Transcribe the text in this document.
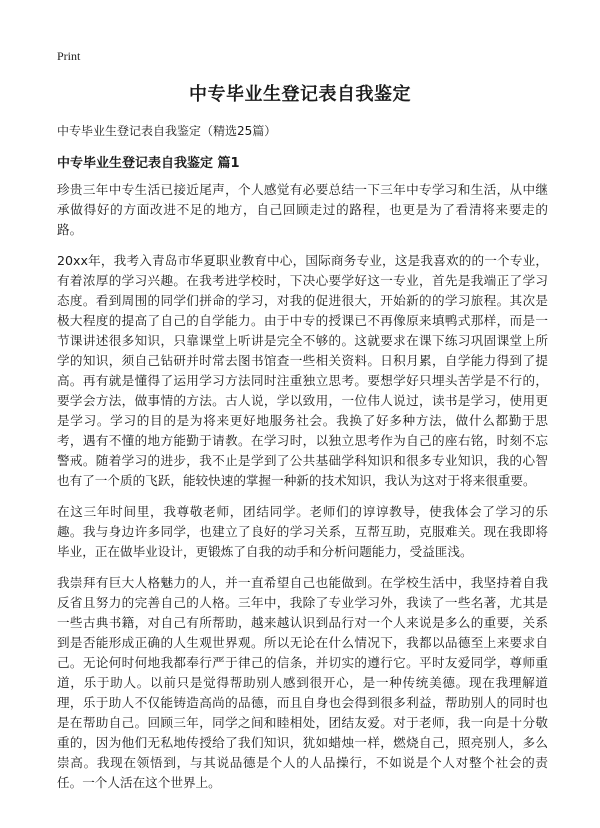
Print
中专毕业生登记表自我鉴定
中专毕业生登记表自我鉴定（精选25篇）
中专毕业生登记表自我鉴定 篇1

珍贵三年中专生活已接近尾声，个人感觉有必要总结一下三年中专学习和生活，从中继承做得好的方面改进不足的地方，自己回顾走过的路程，也更是为了看清将来要走的路。

20xx年，我考入青岛市华夏职业教育中心，国际商务专业，这是我喜欢的的一个专业，有着浓厚的学习兴趣。在我考进学校时，下决心要学好这一专业，首先是我端正了学习态度。看到周围的同学们拼命的学习，对我的促进很大，开始新的的学习旅程。其次是极大程度的提高了自己的自学能力。由于中专的授课已不再像原来填鸭式那样，而是一节课讲述很多知识，只靠课堂上听讲是完全不够的。这就要求在课下练习巩固课堂上所学的知识，须自己钻研并时常去图书馆查一些相关资料。日积月累，自学能力得到了提高。再有就是懂得了运用学习方法同时注重独立思考。要想学好只埋头苦学是不行的，要学会方法，做事情的方法。古人说，学以致用，一位伟人说过，读书是学习，使用更是学习。学习的目的是为将来更好地服务社会。我换了好多种方法，做什么都勤于思考，遇有不懂的地方能勤于请教。在学习时，以独立思考作为自己的座右铭，时刻不忘警戒。随着学习的进步，我不止是学到了公共基础学科知识和很多专业知识，我的心智也有了一个质的飞跃，能较快速的掌握一种新的技术知识，我认为这对于将来很重要。

在这三年时间里，我尊敬老师，团结同学。老师们的谆谆教导，使我体会了学习的乐趣。我与身边许多同学，也建立了良好的学习关系，互帮互助，克服难关。现在我即将毕业，正在做毕业设计，更锻炼了自我的动手和分析问题能力，受益匪浅。

我崇拜有巨大人格魅力的人，并一直希望自己也能做到。在学校生活中，我坚持着自我反省且努力的完善自己的人格。三年中，我除了专业学习外，我读了一些名著，尤其是一些古典书籍，对自己有所帮助，越来越认识到品行对一个人来说是多么的重要，关系到是否能形成正确的人生观世界观。所以无论在什么情况下，我都以品德至上来要求自己。无论何时何地我都奉行严于律己的信条，并切实的遵行它。平时友爱同学，尊师重道，乐于助人。以前只是觉得帮助别人感到很开心，是一种传统美德。现在我理解道理，乐于助人不仅能铸造高尚的品德，而且自身也会得到很多利益，帮助别人的同时也是在帮助自己。回顾三年，同学之间和睦相处，团结友爱。对于老师，我一向是十分敬重的，因为他们无私地传授给了我们知识，犹如蜡烛一样，燃烧自己，照亮别人，多么崇高。我现在领悟到，与其说品德是个人的人品操行，不如说是个人对整个社会的责任。一个人活在这个世界上。
